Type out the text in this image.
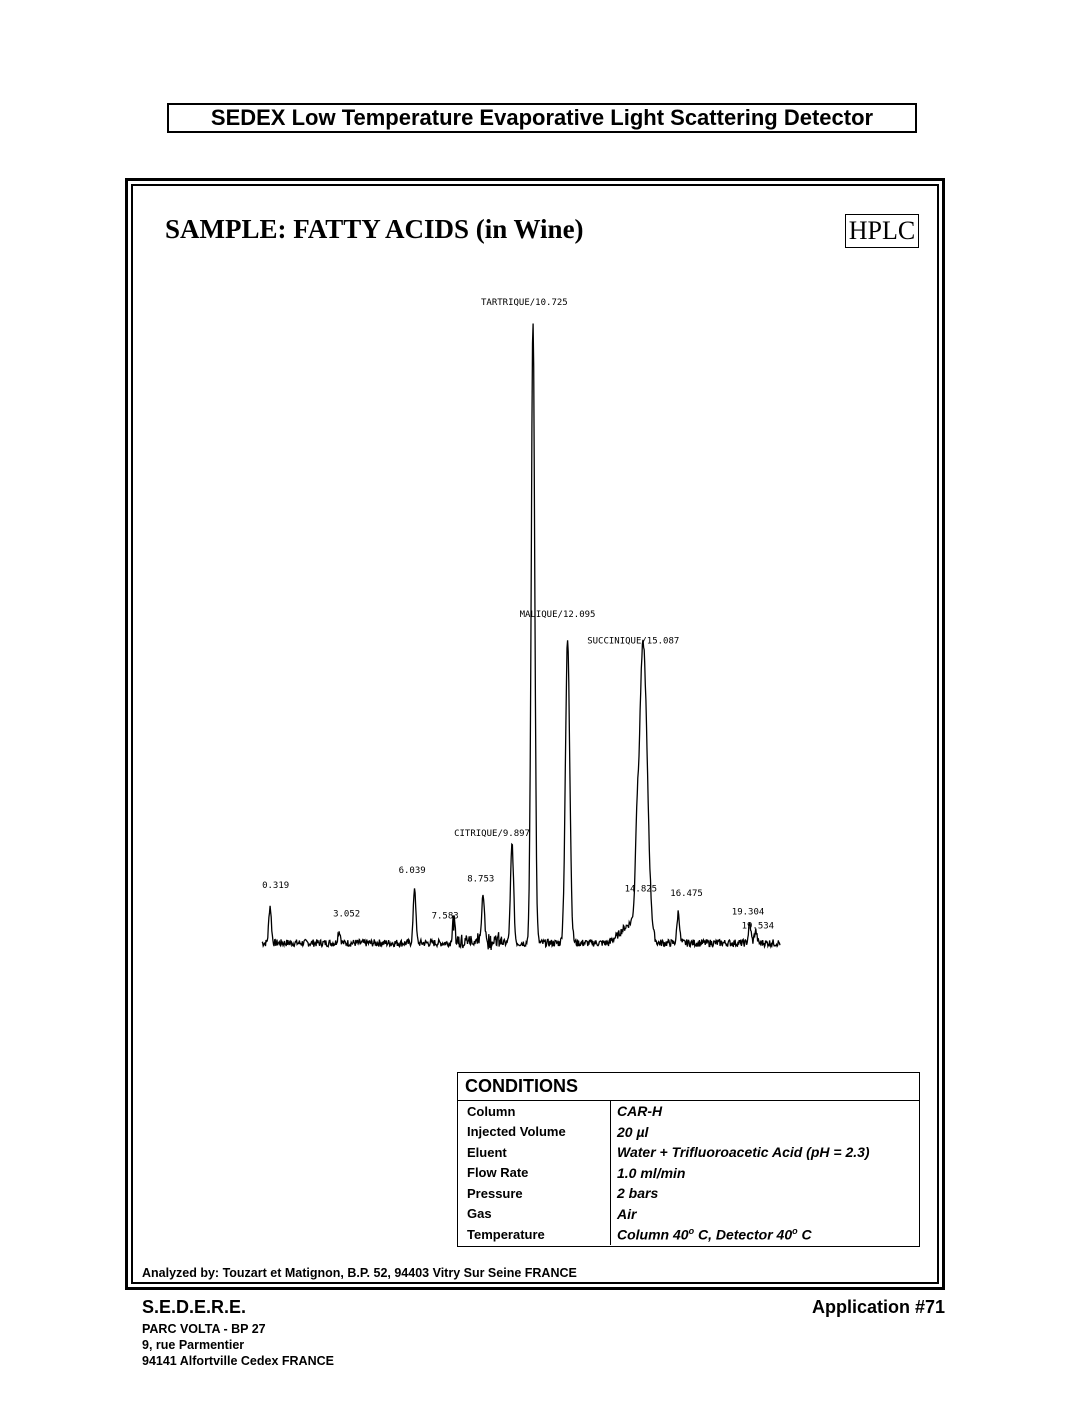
SEDEX Low Temperature Evaporative Light Scattering Detector
SAMPLE: FATTY ACIDS (in Wine)	HPLC
0.319
3.052
6.039
7.583
8.753
CITRIQUE/9.897
TARTRIQUE/10.725
MALIQUE/12.095
14.825
SUCCINIQUE/15.087
16.475
19.304
19.534
CONDITIONS
Column	CAR-H
Injected Volume	20 µl
Eluent	Water + Trifluoroacetic Acid (pH = 2.3)
Flow Rate	1.0 ml/min
Pressure	2 bars
Gas	Air
Temperature	Column 40$^o$ C, Detector 40$^o$ C
Analyzed by: Touzart et Matignon, B.P. 52, 94403 Vitry Sur Seine FRANCE
S.E.D.E.R.E.
PARC VOLTA - BP 27
9, rue Parmentier
94141 Alfortville Cedex FRANCE
Application #71
